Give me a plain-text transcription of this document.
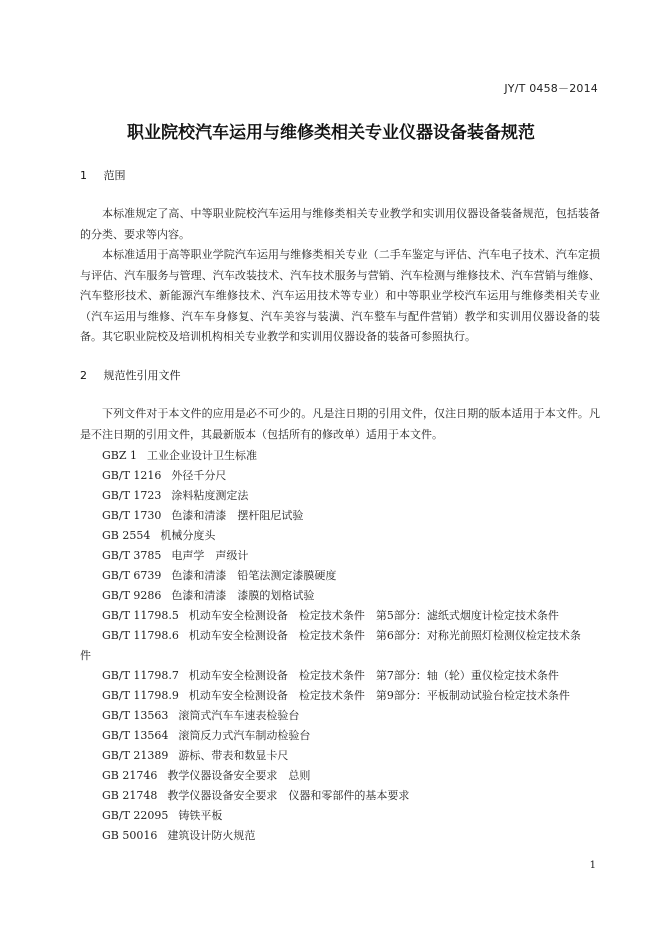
JY/T 0458－2014
职业院校汽车运用与维修类相关专业仪器设备装备规范
1 范围

本标准规定了高、中等职业院校汽车运用与维修类相关专业教学和实训用仪器设备装备规范，包括装备的分类、要求等内容。

本标准适用于高等职业学院汽车运用与维修类相关专业（二手车鉴定与评估、汽车电子技术、汽车定损与评估、汽车服务与管理、汽车改装技术、汽车技术服务与营销、汽车检测与维修技术、汽车营销与维修、汽车整形技术、新能源汽车维修技术、汽车运用技术等专业）和中等职业学校汽车运用与维修类相关专业（汽车运用与维修、汽车车身修复、汽车美容与装潢、汽车整车与配件营销）教学和实训用仪器设备的装备。其它职业院校及培训机构相关专业教学和实训用仪器设备的装备可参照执行。

2 规范性引用文件

下列文件对于本文件的应用是必不可少的。凡是注日期的引用文件，仅注日期的版本适用于本文件。凡是不注日期的引用文件，其最新版本（包括所有的修改单）适用于本文件。

GBZ 1 工业企业设计卫生标准
GB/T 1216 外径千分尺
GB/T 1723 涂料粘度测定法
GB/T 1730 色漆和清漆　摆杆阻尼试验
GB 2554 机械分度头
GB/T 3785 电声学　声级计
GB/T 6739 色漆和清漆　铅笔法测定漆膜硬度
GB/T 9286 色漆和清漆　漆膜的划格试验
GB/T 11798.5 机动车安全检测设备　检定技术条件　第5部分：滤纸式烟度计检定技术条件
GB/T 11798.6 机动车安全检测设备　检定技术条件　第6部分：对称光前照灯检测仪检定技术条
件
GB/T 11798.7 机动车安全检测设备　检定技术条件　第7部分：轴（轮）重仪检定技术条件
GB/T 11798.9 机动车安全检测设备　检定技术条件　第9部分：平板制动试验台检定技术条件
GB/T 13563 滚筒式汽车车速表检验台
GB/T 13564 滚筒反力式汽车制动检验台
GB/T 21389 游标、带表和数显卡尺
GB 21746 教学仪器设备安全要求　总则
GB 21748 教学仪器设备安全要求　仪器和零部件的基本要求
GB/T 22095 铸铁平板
GB 50016 建筑设计防火规范
1
